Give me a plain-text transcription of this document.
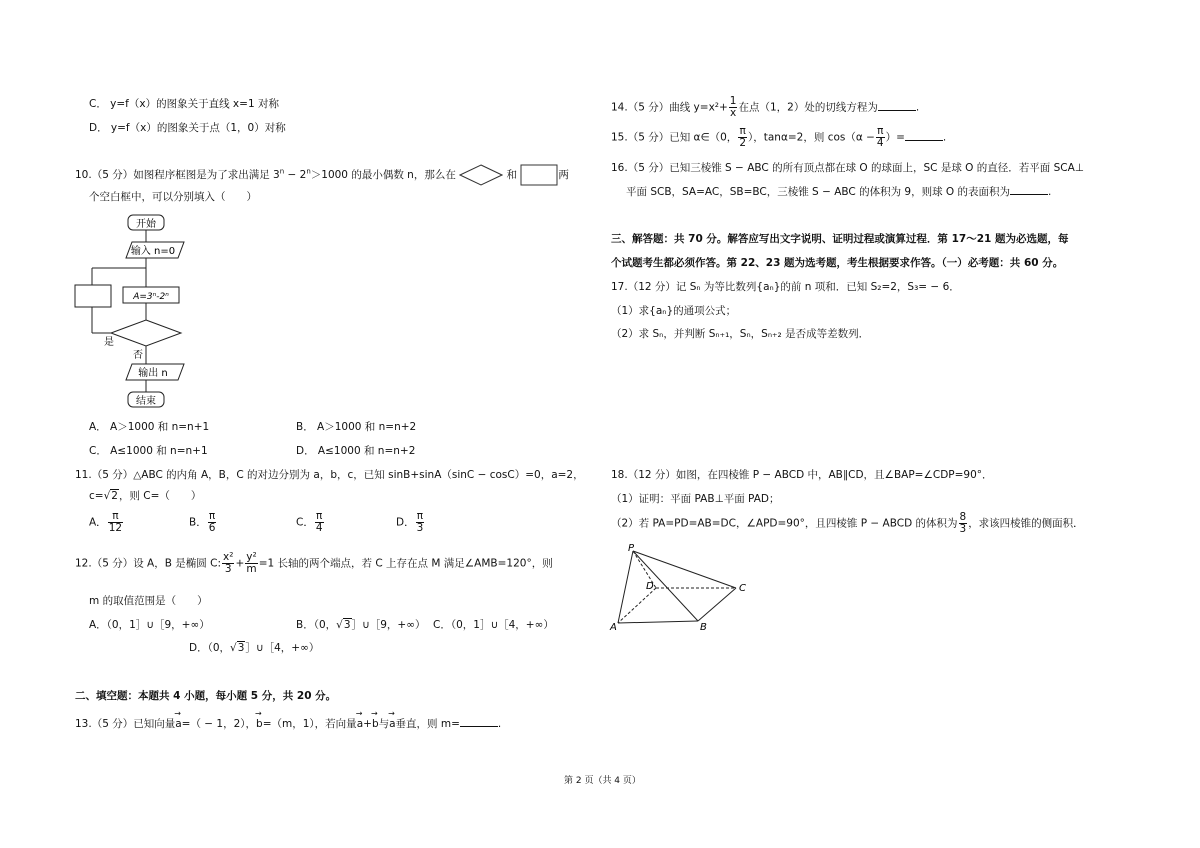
C． y=f（x）的图象关于直线 x=1 对称
D． y=f（x）的图象关于点（1，0）对称
10.（5 分）如图程序框图是为了求出满足 $3^n - 2^n>1000$ 的最小偶数 n，那么在	和	两
个空白框中，可以分别填入（　　）
开始
输入 n=0
A=3ⁿ-2ⁿ
是
否
输出 n
结束
A． A＞1000 和 n=n+1	B． A＞1000 和 n=n+2
C． A≤1000 和 n=n+1	D． A≤1000 和 n=n+2
11.（5 分）△ABC 的内角 A，B，C 的对边分别为 a，b，c，已知 sinB+sinA（sinC − cosC）=0，a=2，
c=√2，则 C=（　　）
A． $\frac{\pi}{12}$	B． $\frac{\pi}{6}$	C． $\frac{\pi}{4}$	D． $\frac{\pi}{3}$
12.（5 分）设 A，B 是椭圆 C: $\frac{\text{x²}}{3} + \frac{\text{y²}}{m} =1$ 长轴的两个端点，若 C 上存在点 M 满足∠AMB=120°，则
m 的取值范围是（　　）
A．（0，1］∪［9，+∞）	B．（0，√3］∪［9，+∞） C．（0，1］∪［4，+∞）
D．（0，√3］∪［4，+∞）
二、填空题：本题共 4 小题，每小题 5 分，共 20 分。
13.（5 分）已知向量→ a=（ − 1，2），→ b=（m，1），若向量→ a+→ b与→ a垂直，则 m=	.
14.（5 分）曲线 $y=x^2+ \frac{1}{x}$ 在点（1，2）处的切线方程为	.
15.（5 分）已知 α∈（0， $\frac{\pi}{2}$ ），tanα=2，则 $\cos(\alpha - \frac{\pi}{4}$ ）=	.
16.（5 分）已知三棱锥 S − ABC 的所有顶点都在球 O 的球面上，SC 是球 O 的直径．若平面 SCA⊥
平面 SCB，SA=AC，SB=BC，三棱锥 S − ABC 的体积为 9，则球 O 的表面积为	.
三、解答题：共 70 分。解答应写出文字说明、证明过程或演算过程．第 17～21 题为必选题，每
个试题考生都必须作答。第 22、23 题为选考题，考生根据要求作答。（一）必考题：共 60 分。
17.（12 分）记 Sₙ 为等比数列{aₙ}的前 n 项和．已知 S₂=2，S₃= − 6．
（1）求{aₙ}的通项公式；
（2）求 Sₙ，并判断 Sₙ₊₁，Sₙ，Sₙ₊₂ 是否成等差数列．
18.（12 分）如图，在四棱锥 P − ABCD 中，AB∥CD，且∠BAP=∠CDP=90°．
（1）证明：平面 PAB⊥平面 PAD；
（2）若 PA=PD=AB=DC，∠APD=90°，且四棱锥 P − ABCD 的体积为 $\frac{8}{3}$ ，求该四棱锥的侧面积．
P
D	C
A	B
第 2 页（共 4 页）
